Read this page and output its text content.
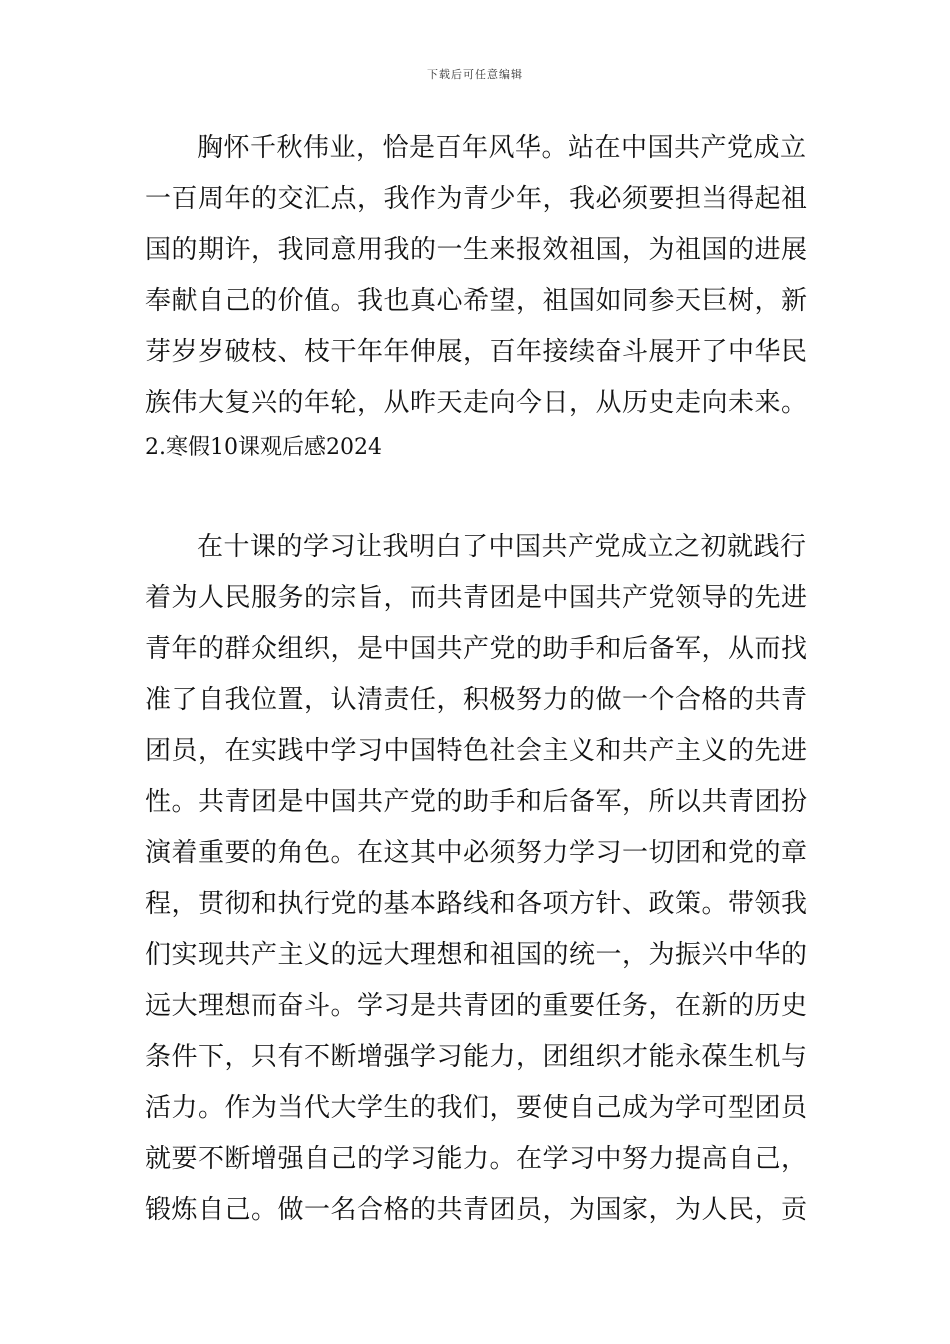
下载后可任意编辑
胸怀千秋伟业，恰是百年风华。站在中国共产党成立
一百周年的交汇点，我作为青少年，我必须要担当得起祖
国的期许，我同意用我的一生来报效祖国，为祖国的进展
奉献自己的价值。我也真心希望，祖国如同参天巨树，新
芽岁岁破枝、枝干年年伸展，百年接续奋斗展开了中华民
族伟大复兴的年轮，从昨天走向今日，从历史走向未来。
2.寒假10课观后感2024
在十课的学习让我明白了中国共产党成立之初就践行
着为人民服务的宗旨，而共青团是中国共产党领导的先进
青年的群众组织，是中国共产党的助手和后备军，从而找
准了自我位置，认清责任，积极努力的做一个合格的共青
团员，在实践中学习中国特色社会主义和共产主义的先进
性。共青团是中国共产党的助手和后备军，所以共青团扮
演着重要的角色。在这其中必须努力学习一切团和党的章
程，贯彻和执行党的基本路线和各项方针、政策。带领我
们实现共产主义的远大理想和祖国的统一，为振兴中华的
远大理想而奋斗。学习是共青团的重要任务，在新的历史
条件下，只有不断增强学习能力，团组织才能永葆生机与
活力。作为当代大学生的我们，要使自己成为学可型团员
就要不断增强自己的学习能力。在学习中努力提高自己，
锻炼自己。做一名合格的共青团员，为国家，为人民，贡
